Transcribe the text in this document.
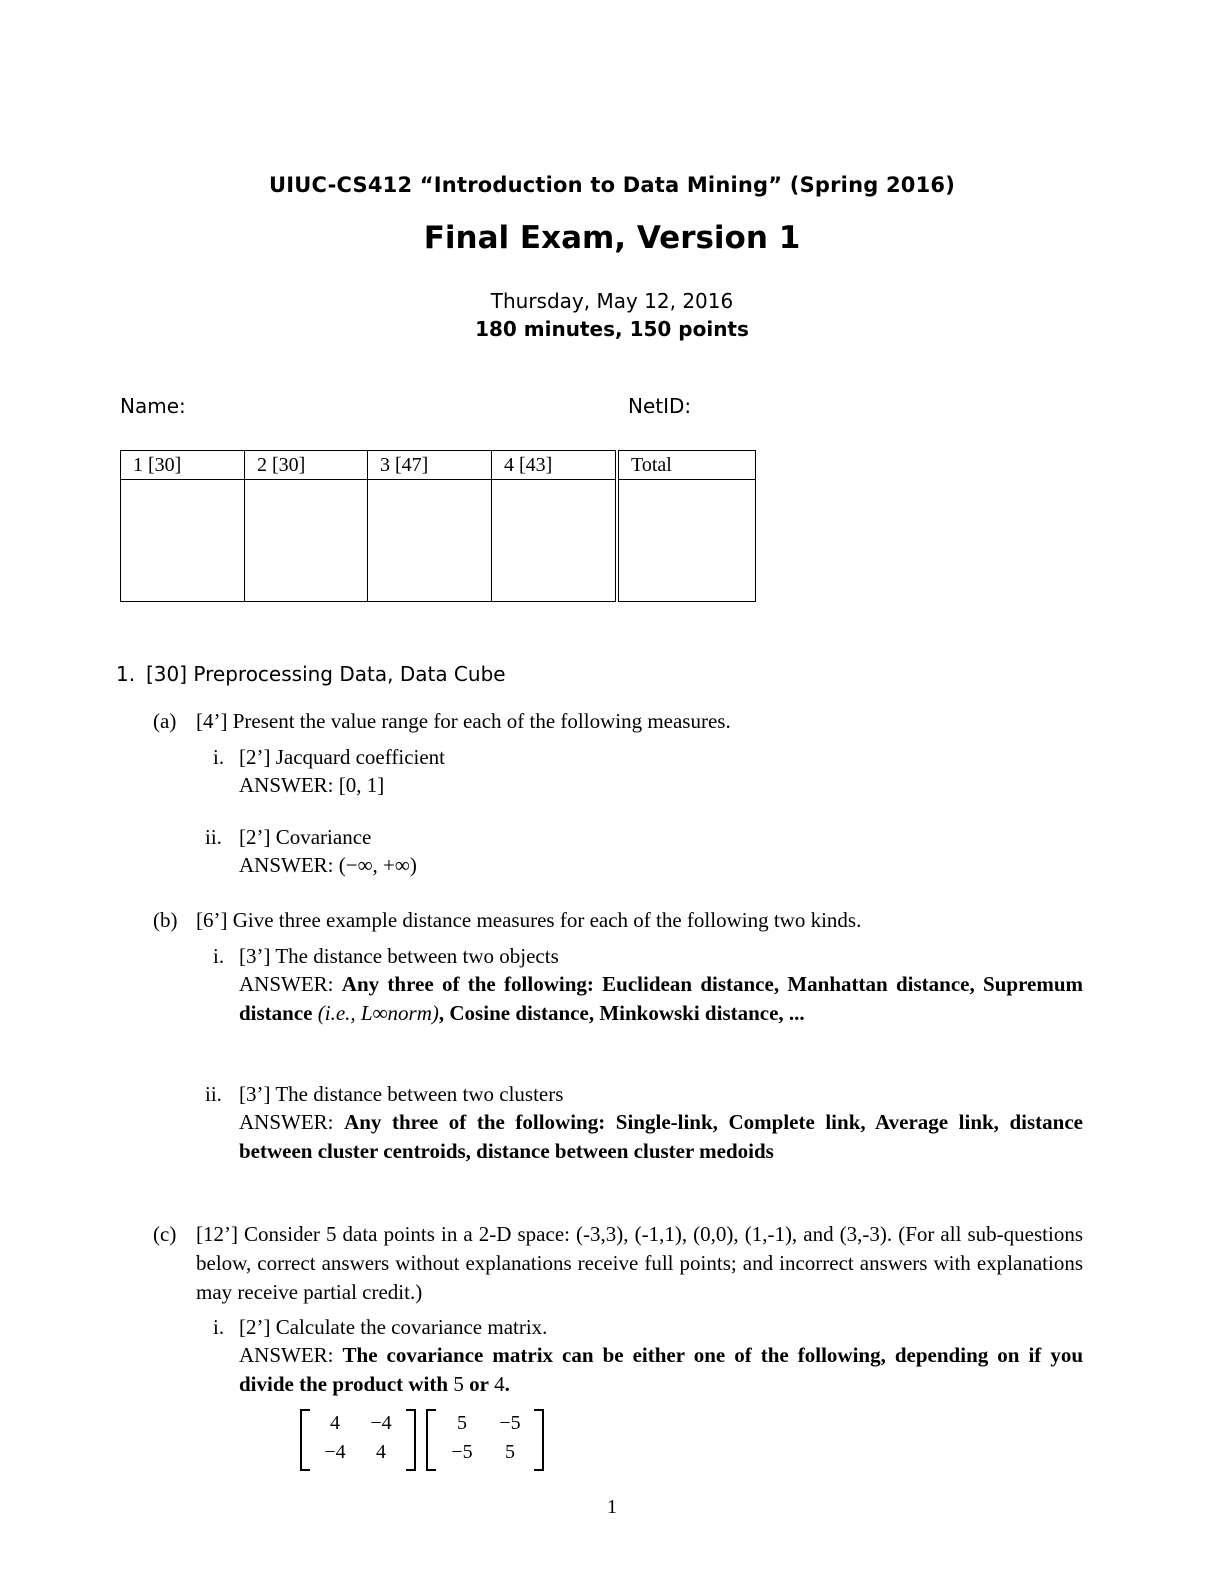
UIUC-CS412 “Introduction to Data Mining” (Spring 2016)
Final Exam, Version 1
Thursday, May 12, 2016
180 minutes, 150 points
Name:	NetID:
1 [30]	2 [30]	3 [47]	4 [43]	Total

1. [30] Preprocessing Data, Data Cube
(a) [4’] Present the value range for each of the following measures.
i. [2’] Jacquard coefficient
ANSWER: [0, 1]
ii. [2’] Covariance
ANSWER: (−∞, +∞)
(b) [6’] Give three example distance measures for each of the following two kinds.
i. [3’] The distance between two objects
ANSWER: Any three of the following: Euclidean distance, Manhattan distance, Supremum distance (i.e., L∞norm), Cosine distance, Minkowski distance, ...
ii. [3’] The distance between two clusters
ANSWER: Any three of the following: Single-link, Complete link, Average link, distance between cluster centroids, distance between cluster medoids
(c) [12’] Consider 5 data points in a 2-D space: (-3,3), (-1,1), (0,0), (1,-1), and (3,-3). (For all sub-questions below, correct answers without explanations receive full points; and incorrect answers with explanations may receive partial credit.)
i. [2’] Calculate the covariance matrix.
ANSWER: The covariance matrix can be either one of the following, depending on if you divide the product with 5 or 4.
4 −4
−4 4
5 −5
−5 5
1
